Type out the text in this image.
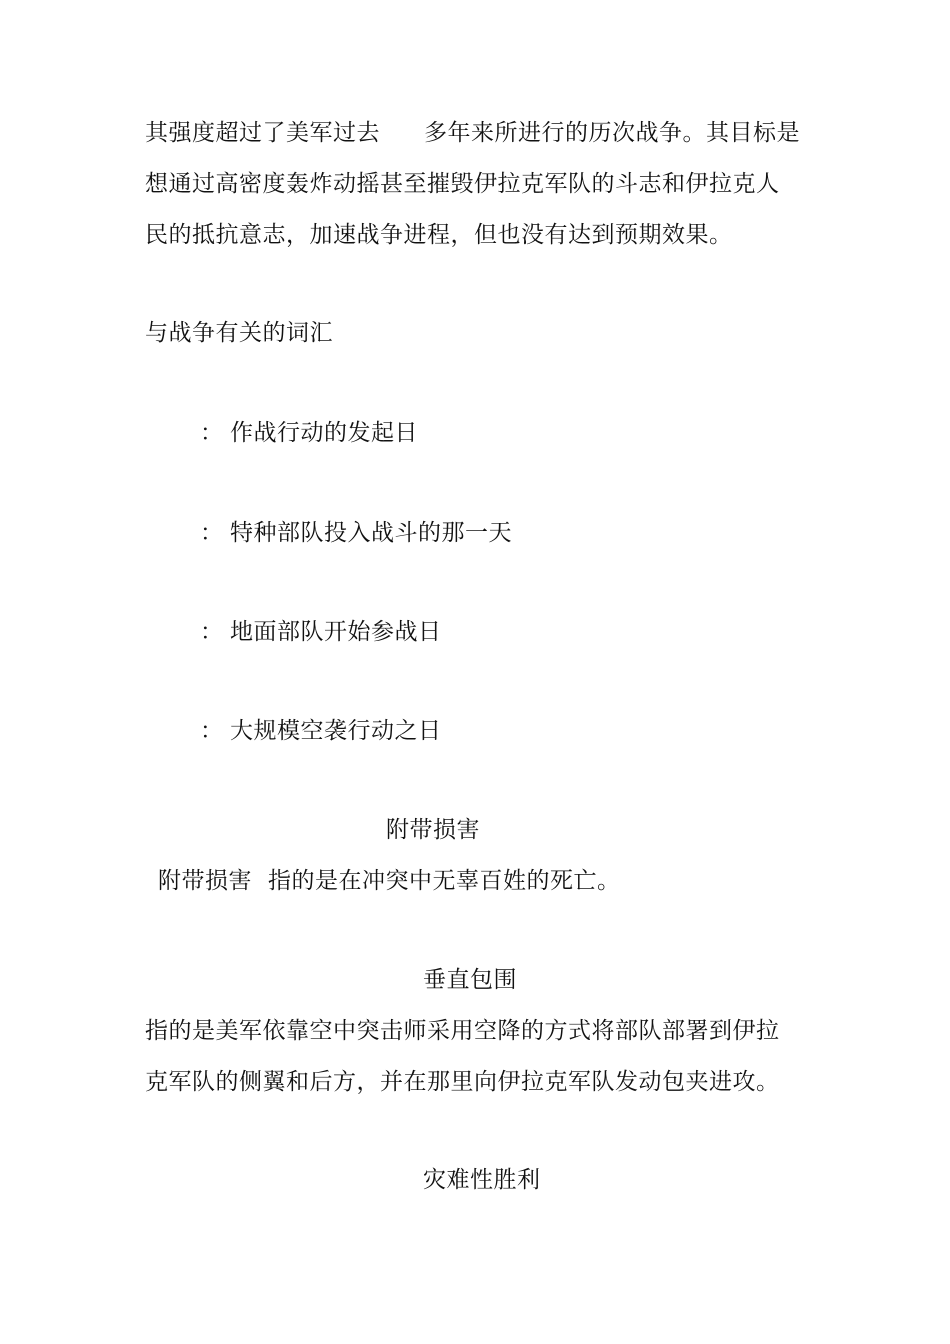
其强度超过了美军过去 多年来所进行的历次战争。其目标是
想通过高密度轰炸动摇甚至摧毁伊拉克军队的斗志和伊拉克人
民的抵抗意志，加速战争进程，但也没有达到预期效果。
与战争有关的词汇
： 作战行动的发起日
： 特种部队投入战斗的那一天
： 地面部队开始参战日
： 大规模空袭行动之日
附带损害
附带损害 指的是在冲突中无辜百姓的死亡。
垂直包围
指的是美军依靠空中突击师采用空降的方式将部队部署到伊拉
克军队的侧翼和后方，并在那里向伊拉克军队发动包夹进攻。
灾难性胜利
